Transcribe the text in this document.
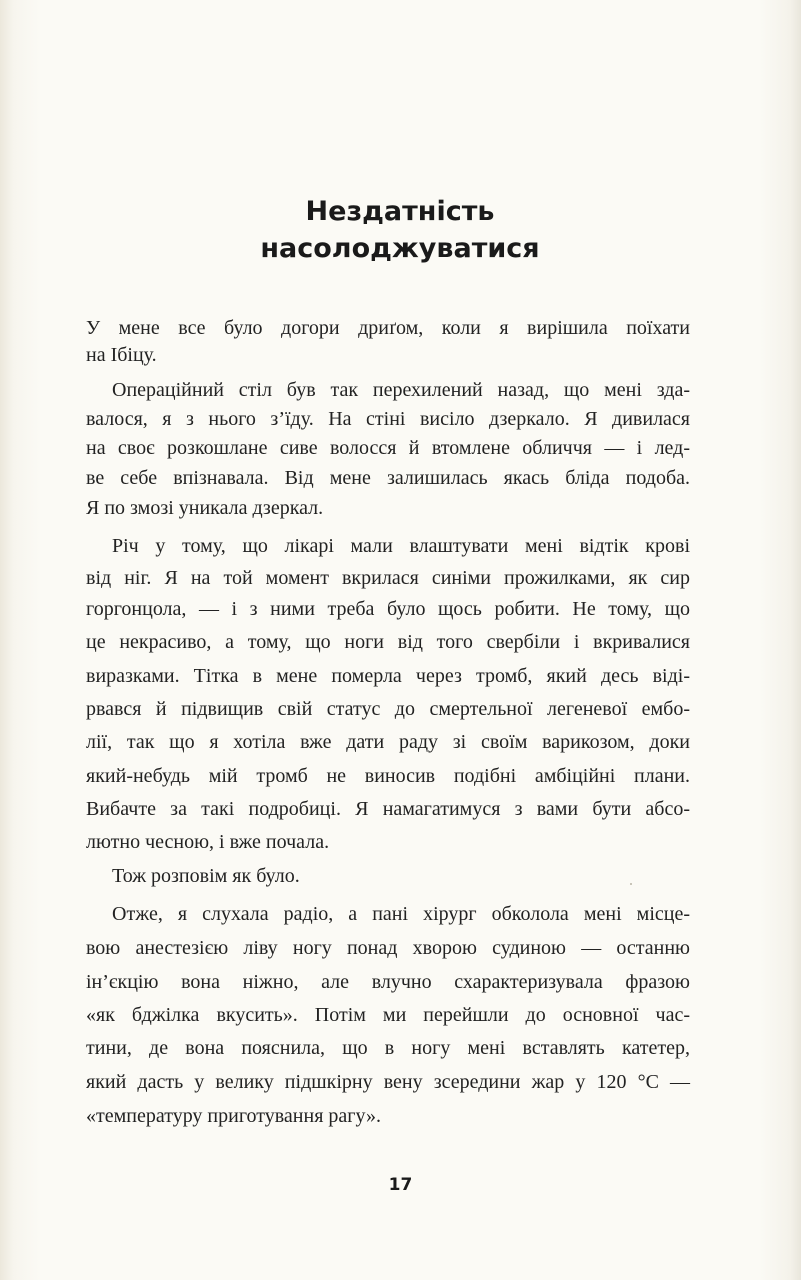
Нездатність
насолоджуватися
У мене все було догори дриґом, коли я вирішила поїхати
на Ібіцу.
Операційний стіл був так перехилений назад, що мені зда-
валося, я з нього з’їду. На стіні висіло дзеркало. Я дивилася
на своє розкошлане сиве волосся й втомлене обличчя — і лед-
ве себе впізнавала. Від мене залишилась якась бліда подоба.
Я по змозі уникала дзеркал.
Річ у тому, що лікарі мали влаштувати мені відтік крові
від ніг. Я на той момент вкрилася синіми прожилками, як сир
горгонцола, — і з ними треба було щось робити. Не тому, що
це некрасиво, а тому, що ноги від того свербіли і вкривалися
виразками. Тітка в мене померла через тромб, який десь віді-
рвався й підвищив свій статус до смертельної легеневої ембо-
лії, так що я хотіла вже дати раду зі своїм варикозом, доки
який-небудь мій тромб не виносив подібні амбіційні плани.
Вибачте за такі подробиці. Я намагатимуся з вами бути абсо-
лютно чесною, і вже почала.
Тож розповім як було.
Отже, я слухала радіо, а пані хірург обколола мені місце-
вою анестезією ліву ногу понад хворою судиною — останню
ін’єкцію вона ніжно, але влучно схарактеризувала фразою
«як бджілка вкусить». Потім ми перейшли до основної час-
тини, де вона пояснила, що в ногу мені вставлять катетер,
який дасть у велику підшкірну вену зсередини жар у 120 °C —
«температуру приготування рагу».
17
